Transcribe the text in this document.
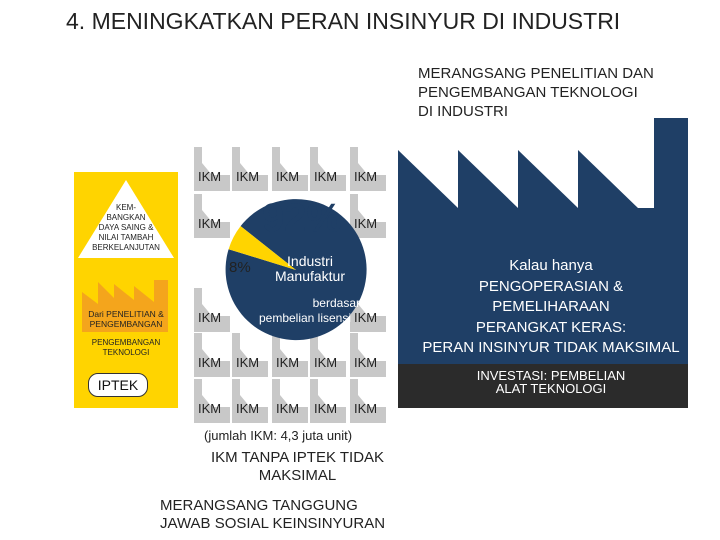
4. MENINGKATKAN PERAN INSINYUR DI INDUSTRI
MERANGSANG PENELITIAN DAN
PENGEMBANGAN TEKNOLOGI
DI INDUSTRI
Kalau hanya
PENGOPERASIAN &
PEMELIHARAAN
PERANGKAT KERAS:
PERAN INSINYUR TIDAK MAKSIMAL
INVESTASI: PEMBELIAN
ALAT TEKNOLOGI
KEM-
BANGKAN
DAYA SAING &
NILAI TAMBAH
BERKELANJUTAN
Dari PENELITIAN &
PENGEMBANGAN
PENGEMBANGAN
TEKNOLOGI
IPTEK
IKM IKM IKM IKM IKM
IKM	IKM
IKM	IKM
IKM IKM IKM IKM IKM
IKM IKM IKM IKM IKM
92%
8%	Industri
Manufaktur
berdasar
pembelian lisensi
(jumlah IKM: 4,3 juta unit)
IKM TANPA IPTEK TIDAK
MAKSIMAL
MERANGSANG TANGGUNG
JAWAB SOSIAL KEINSINYURAN
